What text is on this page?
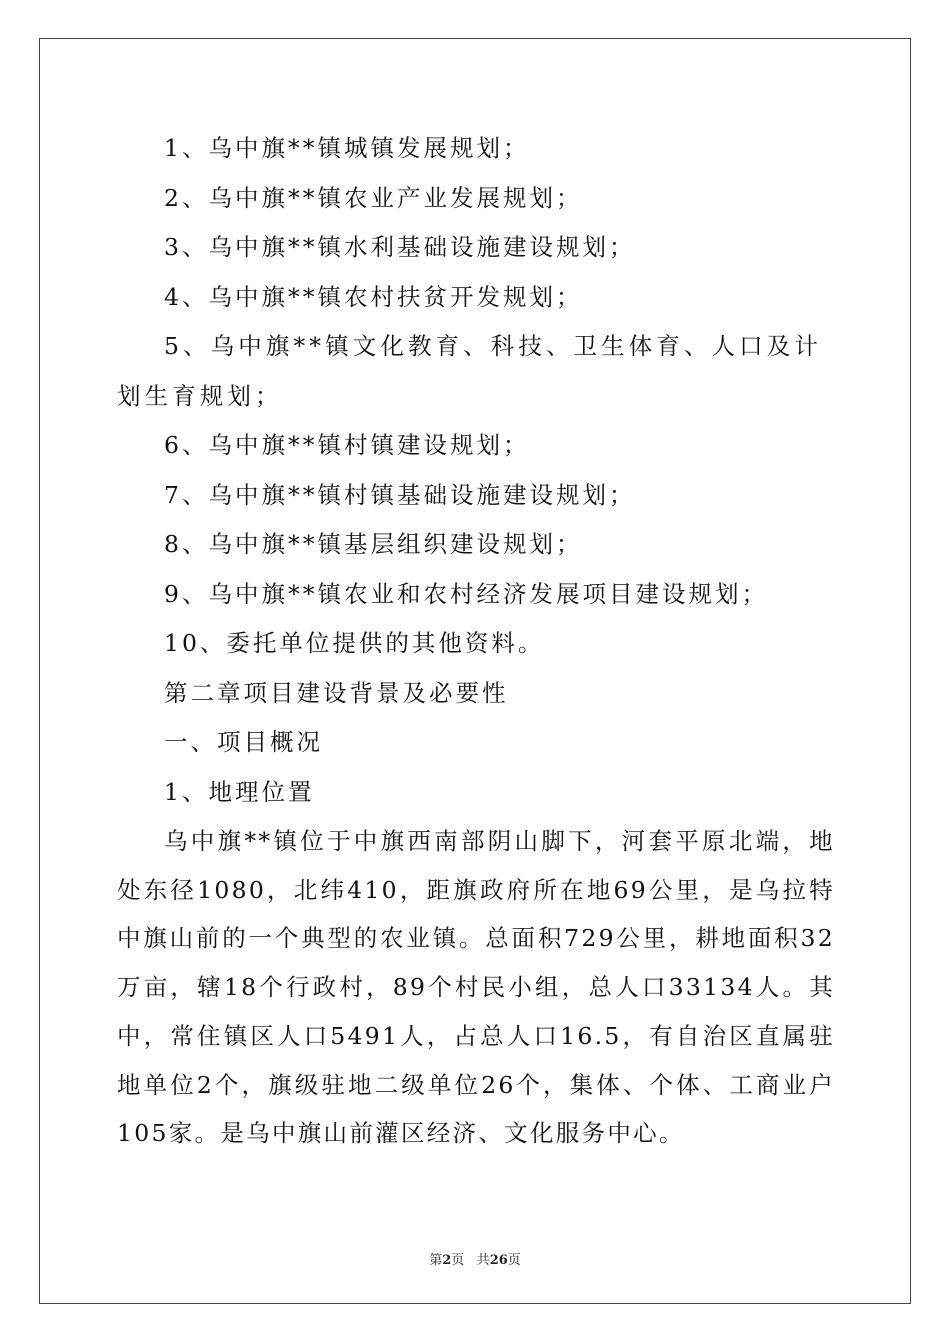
1、乌中旗**镇城镇发展规划；

2、乌中旗**镇农业产业发展规划；

3、乌中旗**镇水利基础设施建设规划；

4、乌中旗**镇农村扶贫开发规划；

5、乌中旗**镇文化教育、科技、卫生体育、人口及计划生育规划；

6、乌中旗**镇村镇建设规划；

7、乌中旗**镇村镇基础设施建设规划；

8、乌中旗**镇基层组织建设规划；

9、乌中旗**镇农业和农村经济发展项目建设规划；

10、委托单位提供的其他资料。

第二章项目建设背景及必要性

一、项目概况

1、地理位置

乌中旗**镇位于中旗西南部阴山脚下，河套平原北端，地处东径1080，北纬410，距旗政府所在地69公里，是乌拉特中旗山前的一个典型的农业镇。总面积729公里，耕地面积32万亩，辖18个行政村，89个村民小组，总人口33134人。其中，常住镇区人口5491人，占总人口16.5，有自治区直属驻地单位2个，旗级驻地二级单位26个，集体、个体、工商业户105家。是乌中旗山前灌区经济、文化服务中心。

第2页 共26页
